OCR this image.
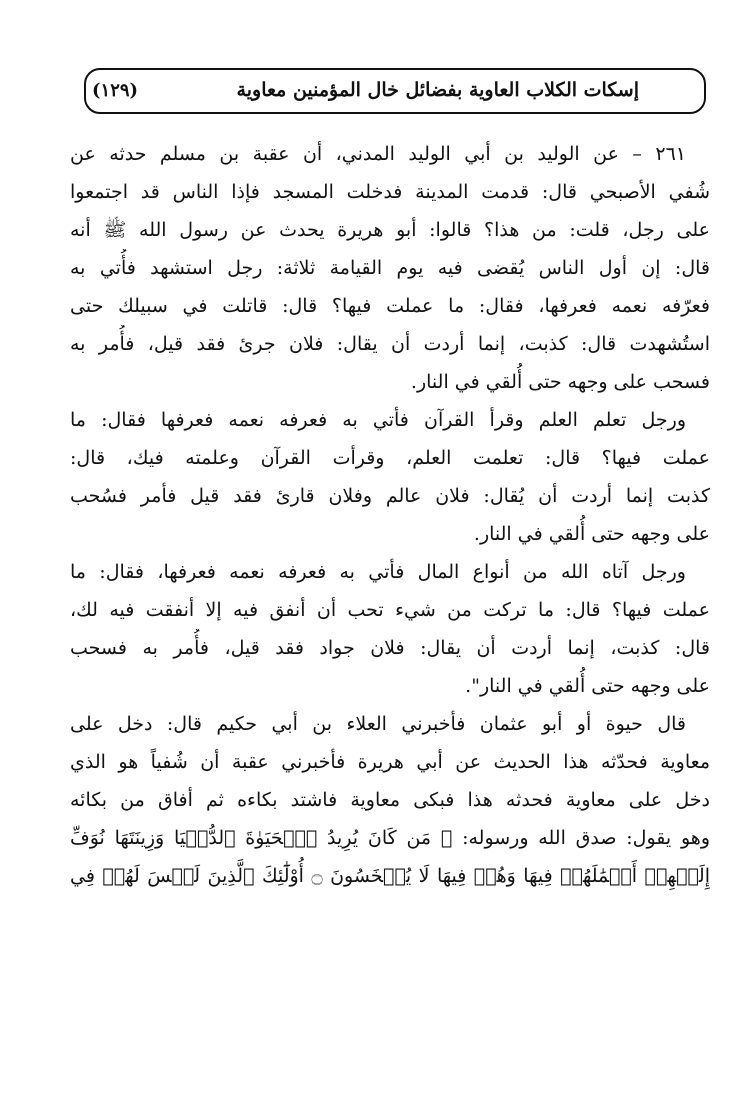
إسكات الكلاب العاوية بفضائل خال المؤمنين معاوية
(١٢٩)
٢٦١ – عن الوليد بن أبي الوليد المدني، أن عقبة بن مسلم حدثه عن
شُفي الأصبحي قال: قدمت المدينة فدخلت المسجد فإذا الناس قد اجتمعوا
على رجل، قلت: من هذا؟ قالوا: أبو هريرة يحدث عن رسول الله ﷺ أنه
قال: إن أول الناس يُقضى فيه يوم القيامة ثلاثة: رجل استشهد فأُتي به
فعرّفه نعمه فعرفها، فقال: ما عملت فيها؟ قال: قاتلت في سبيلك حتى
استُشهدت قال: كذبت، إنما أردت أن يقال: فلان جرئ فقد قيل، فأُمر به
فسحب على وجهه حتى أُلقي في النار.
ورجل تعلم العلم وقرأ القرآن فأتي به فعرفه نعمه فعرفها فقال: ما
عملت فيها؟ قال: تعلمت العلم، وقرأت القرآن وعلمته فيك، قال:
كذبت إنما أردت أن يُقال: فلان عالم وفلان قارئ فقد قيل فأمر فسُحب
على وجهه حتى أُلقي في النار.
ورجل آتاه الله من أنواع المال فأتي به فعرفه نعمه فعرفها، فقال: ما
عملت فيها؟ قال: ما تركت من شيء تحب أن أنفق فيه إلا أنفقت فيه لك،
قال: كذبت، إنما أردت أن يقال: فلان جواد فقد قيل، فأُمر به فسحب
على وجهه حتى أُلقي في النار".
قال حيوة أو أبو عثمان فأخبرني العلاء بن أبي حكيم قال: دخل على
معاوية فحدّثه هذا الحديث عن أبي هريرة فأخبرني عقبة أن شُفياً هو الذي
دخل على معاوية فحدثه هذا فبكى معاوية فاشتد بكاءه ثم أفاق من بكائه
وهو يقول: صدق الله ورسوله: ﴿ مَن كَانَ يُرِيدُ ٱلۡحَيَوٰةَ ٱلدُّنۡيَا وَزِينَتَهَا نُوَفِّ
إِلَيۡهِمۡ أَعۡمَٰلَهُمۡ فِيهَا وَهُمۡ فِيهَا لَا يُبۡخَسُونَ ۝ أُوْلَٰٓئِكَ ٱلَّذِينَ لَيۡسَ لَهُمۡ فِي
